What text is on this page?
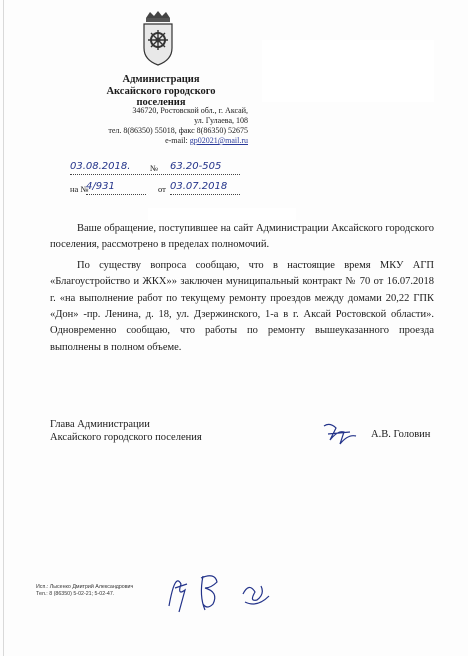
Администрация
Аксайского городского
поселения
346720, Ростовской обл., г. Аксай,
ул. Гулаева, 108
тел. 8(86350) 55018, факс 8(86350) 52675
e-mail: gp02021@mail.ru
03.08.2018. № 63.20-505
на №
4/931	от 03.07.2018

Ваше обращение, поступившее на сайт Администрации Аксайского городского поселения, рассмотрено в пределах полномочий.

По существу вопроса сообщаю, что в настоящие время МКУ АГП «Благоустройство и ЖКХ»» заключен муниципальный контракт № 70 от 16.07.2018 г. «на выполнение работ по текущему ремонту проездов между домами 20,22 ГПК «Дон» -пр. Ленина, д. 18, ул. Дзержинского, 1-а в г. Аксай Ростовской области». Одновременно сообщаю, что работы по ремонту вышеуказанного проезда выполнены в полном объеме.

Глава Администрации
Аксайского городского поселения	А.В. Головин
Исп.: Лысенко Дмитрий Александрович
Тел.: 8 (86350) 5-02-21; 5-02-47.
